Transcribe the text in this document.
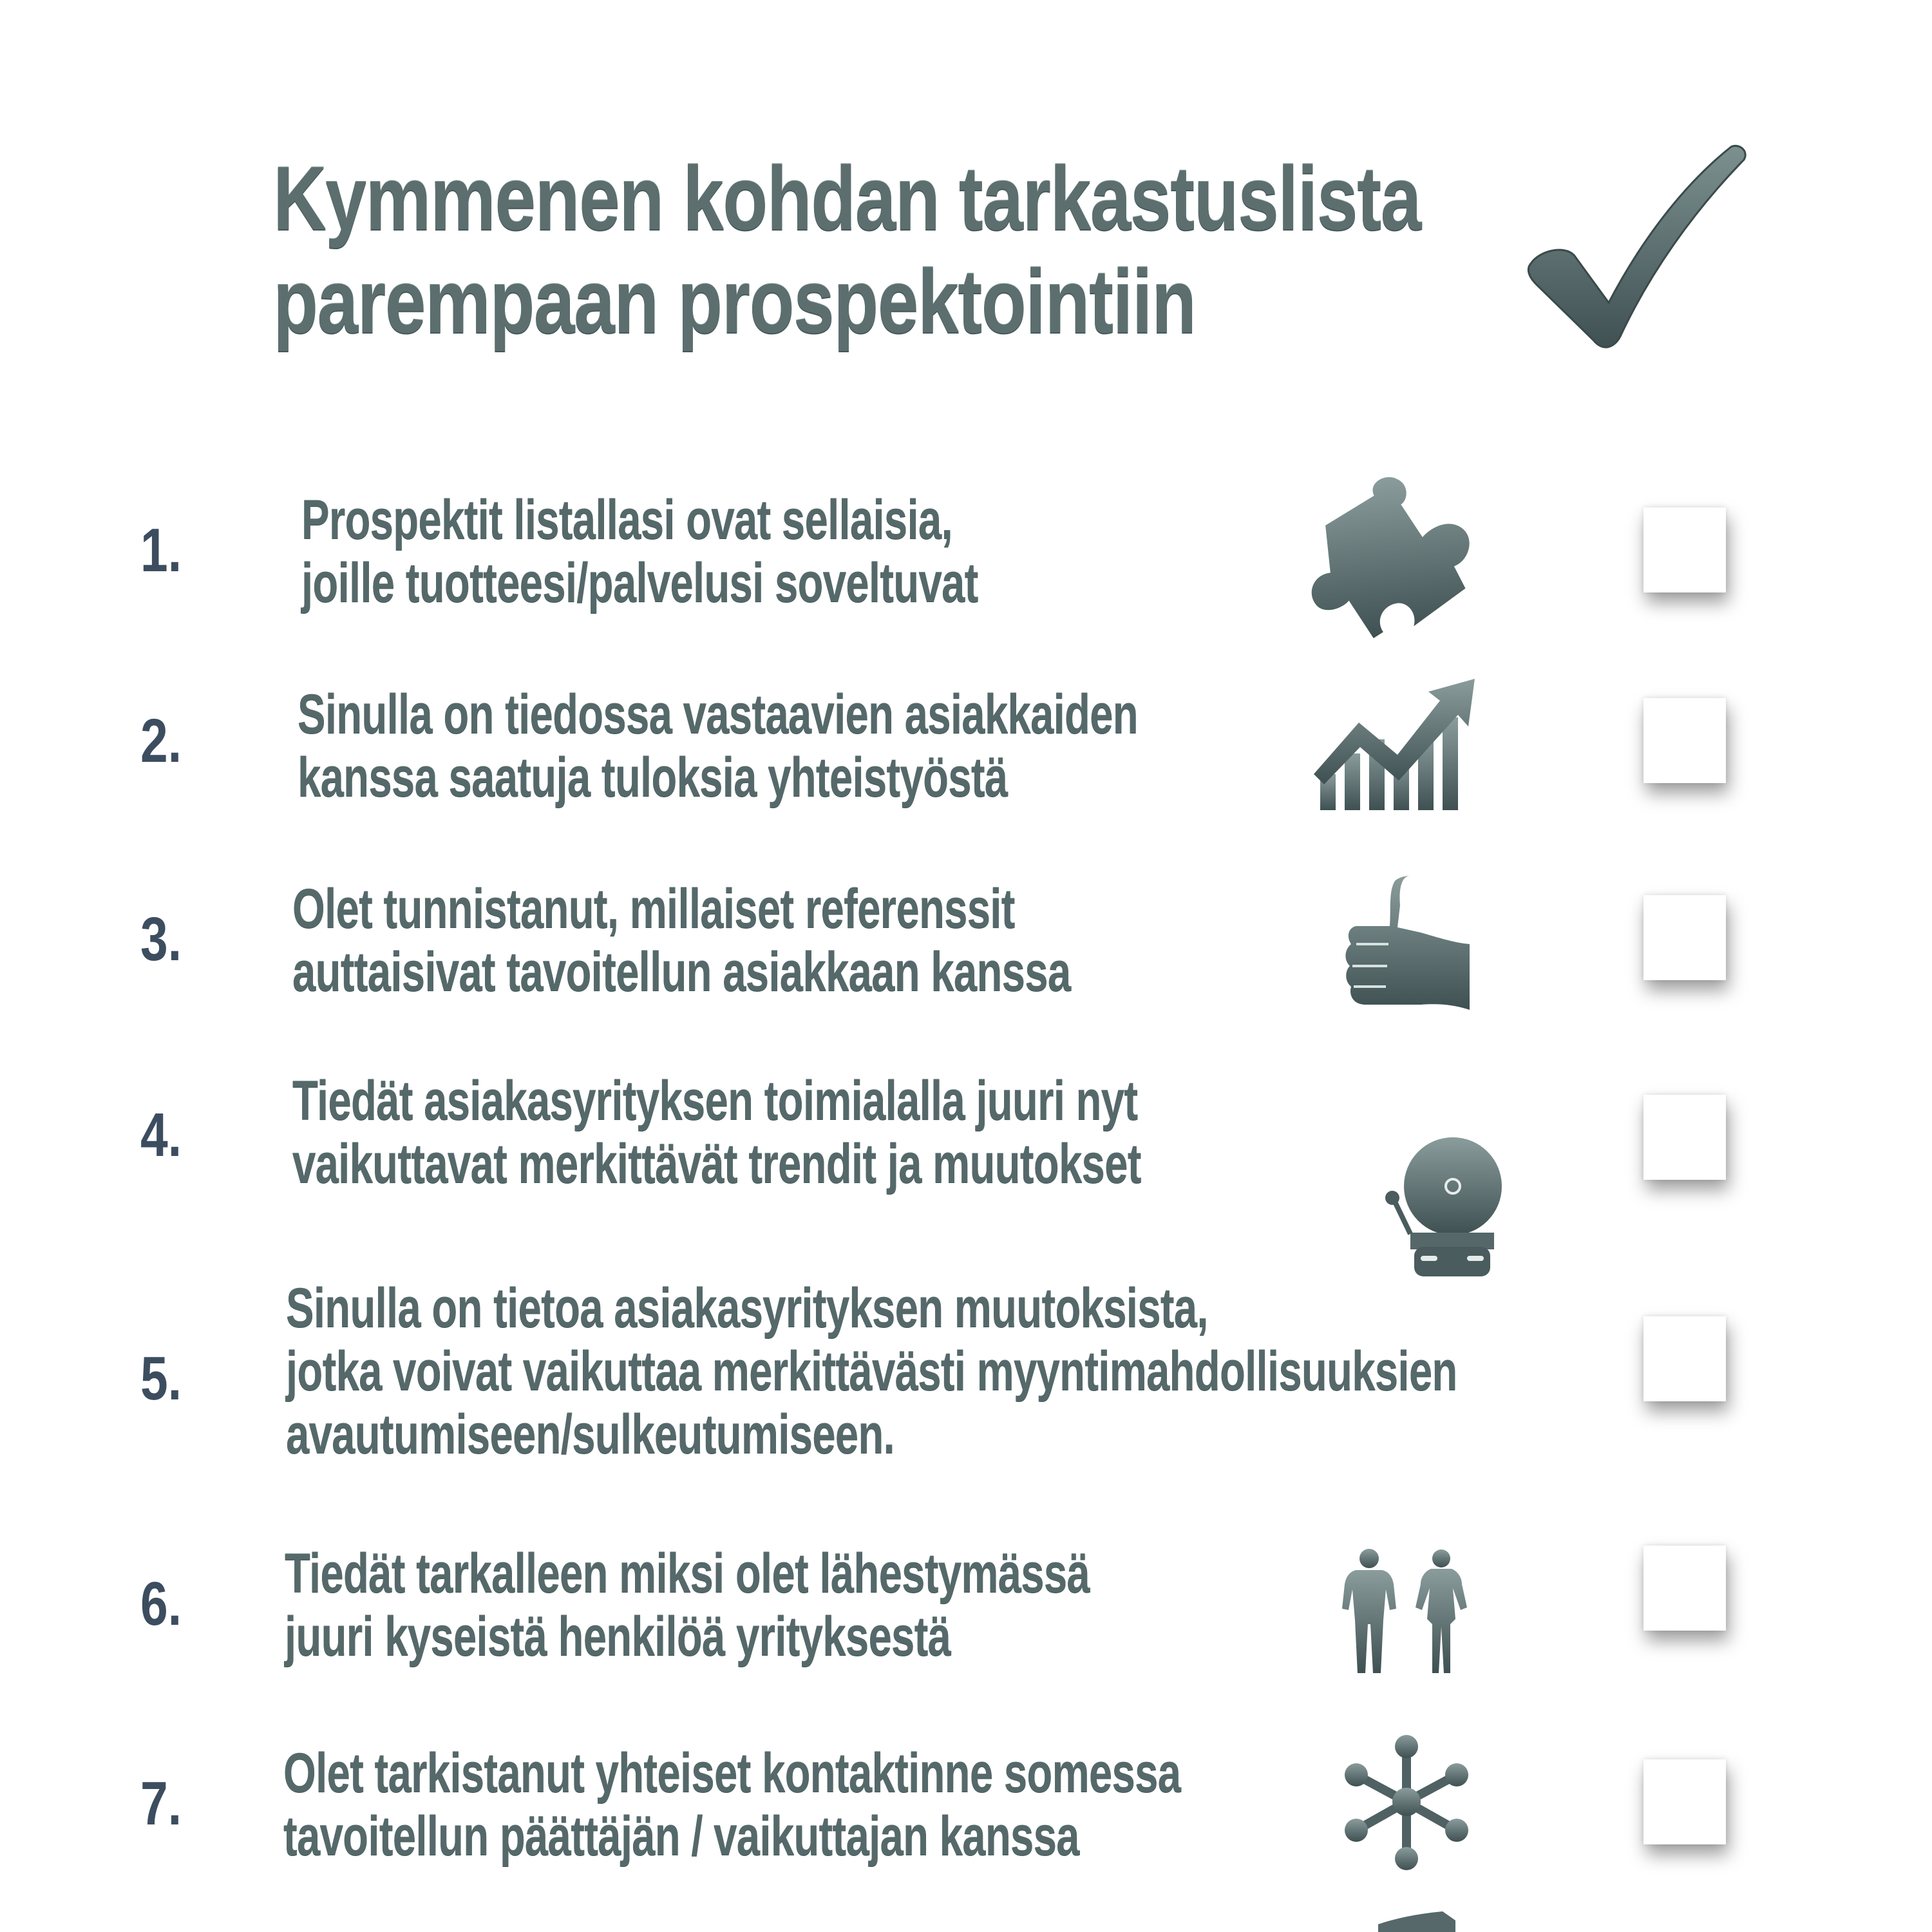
Kymmenen kohdan tarkastuslista
parempaan prospektointiin
1. Prospektit listallasi ovat sellaisia,
joille tuotteesi/palvelusi soveltuvat
2. Sinulla on tiedossa vastaavien asiakkaiden
kanssa saatuja tuloksia yhteistyöstä
3. Olet tunnistanut, millaiset referenssit
auttaisivat tavoitellun asiakkaan kanssa
4. Tiedät asiakasyrityksen toimialalla juuri nyt
vaikuttavat merkittävät trendit ja muutokset
5.
Sinulla on tietoa asiakasyrityksen muutoksista,
jotka voivat vaikuttaa merkittävästi myyntimahdollisuuksien
avautumiseen/sulkeutumiseen.
6. Tiedät tarkalleen miksi olet lähestymässä
juuri kyseistä henkilöä yrityksestä
7. Olet tarkistanut yhteiset kontaktinne somessa
tavoitellun päättäjän / vaikuttajan kanssa
